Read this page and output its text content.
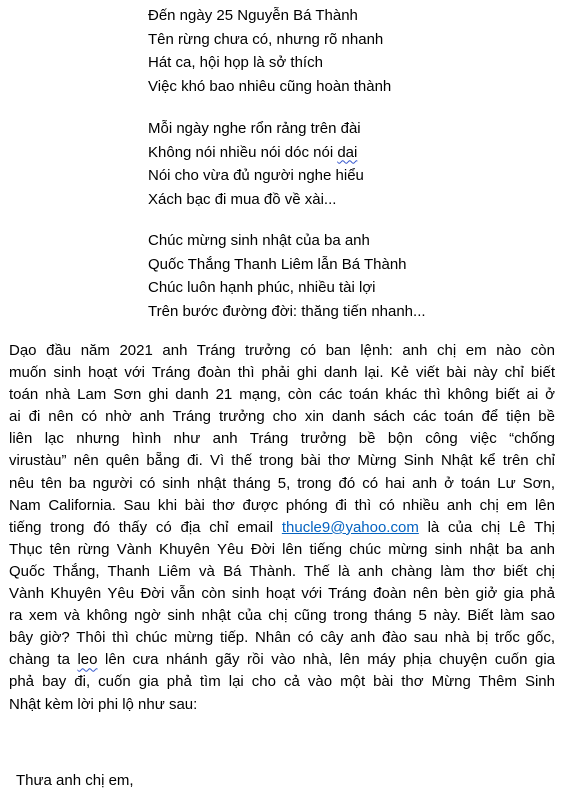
Đến ngày 25 Nguyễn Bá Thành
Tên rừng chưa có, nhưng rõ nhanh
Hát ca, hội họp là sở thích
Việc khó bao nhiêu cũng hoàn thành
Mỗi ngày nghe rổn rảng trên đài
Không nói nhiều nói dóc nói dai
Nói cho vừa đủ người nghe hiểu
Xách bạc đi mua đồ về xài...
Chúc mừng sinh nhật của ba anh
Quốc Thắng Thanh Liêm lẫn Bá Thành
Chúc luôn hạnh phúc, nhiều tài lợi
Trên bước đường đời: thăng tiến nhanh...
Dạo đầu năm 2021 anh Tráng trưởng có ban lệnh: anh chị em nào còn
muốn sinh hoạt với Tráng đoàn thì phải ghi danh lại. Kẻ viết bài này chỉ biết
toán nhà Lam Sơn ghi danh 21 mạng, còn các toán khác thì không biết ai ở
ai đi nên có nhờ anh Tráng trưởng cho xin danh sách các toán để tiện bề
liên lạc nhưng hình như anh Tráng trưởng bề bộn công việc “chống
virustàu” nên quên bẵng đi. Vì thế trong bài thơ Mừng Sinh Nhật kể trên chỉ
nêu tên ba người có sinh nhật tháng 5, trong đó có hai anh ở toán Lư Sơn,
Nam California. Sau khi bài thơ được phóng đi thì có nhiều anh chị em lên
tiếng trong đó thấy có địa chỉ email thucle9@yahoo.com là của chị Lê Thị
Thục tên rừng Vành Khuyên Yêu Đời lên tiếng chúc mừng sinh nhật ba anh
Quốc Thắng, Thanh Liêm và Bá Thành. Thế là anh chàng làm thơ biết chị
Vành Khuyên Yêu Đời vẫn còn sinh hoạt với Tráng đoàn nên bèn giở gia phả
ra xem và không ngờ sinh nhật của chị cũng trong tháng 5 này. Biết làm sao
bây giờ? Thôi thì chúc mừng tiếp. Nhân có cây anh đào sau nhà bị trốc gốc,
chàng ta leo lên cưa nhánh gãy rồi vào nhà, lên máy phịa chuyện cuốn gia
phả bay đi, cuốn gia phả tìm lại cho cả vào một bài thơ Mừng Thêm Sinh
Nhật kèm lời phi lộ như sau:
Thưa anh chị em,
